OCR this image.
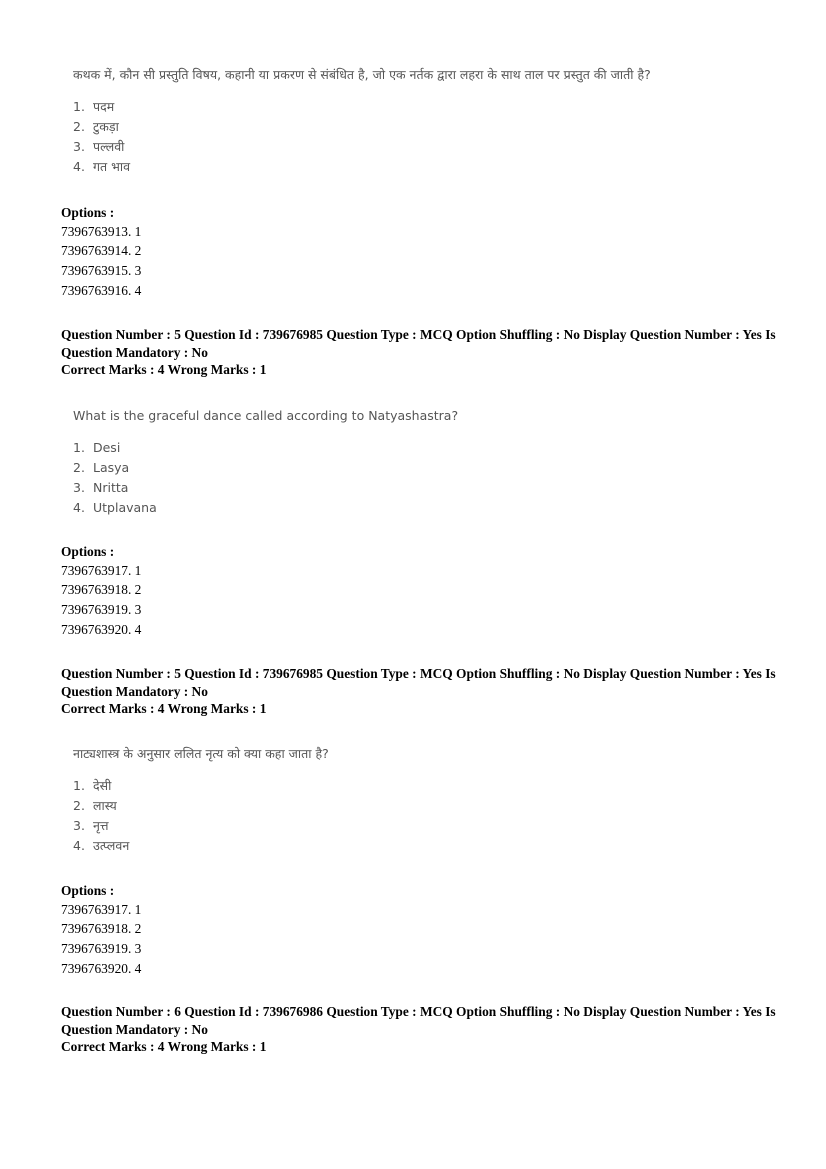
कथक में, कौन सी प्रस्तुति विषय, कहानी या प्रकरण से संबंधित है, जो एक नर्तक द्वारा लहरा के साथ ताल पर प्रस्तुत की जाती है?
1. पदम
2. टुकड़ा
3. पल्लवी
4. गत भाव
Options :
7396763913. 1
7396763914. 2
7396763915. 3
7396763916. 4
Question Number : 5 Question Id : 739676985 Question Type : MCQ Option Shuffling : No Display Question Number : Yes Is
Question Mandatory : No
Correct Marks : 4 Wrong Marks : 1
What is the graceful dance called according to Natyashastra?
1. Desi
2. Lasya
3. Nritta
4. Utplavana
Options :
7396763917. 1
7396763918. 2
7396763919. 3
7396763920. 4
Question Number : 5 Question Id : 739676985 Question Type : MCQ Option Shuffling : No Display Question Number : Yes Is
Question Mandatory : No
Correct Marks : 4 Wrong Marks : 1
नाट्यशास्त्र के अनुसार ललित नृत्य को क्या कहा जाता है?
1. देसी
2. लास्य
3. नृत्त
4. उत्प्लवन
Options :
7396763917. 1
7396763918. 2
7396763919. 3
7396763920. 4
Question Number : 6 Question Id : 739676986 Question Type : MCQ Option Shuffling : No Display Question Number : Yes Is
Question Mandatory : No
Correct Marks : 4 Wrong Marks : 1
